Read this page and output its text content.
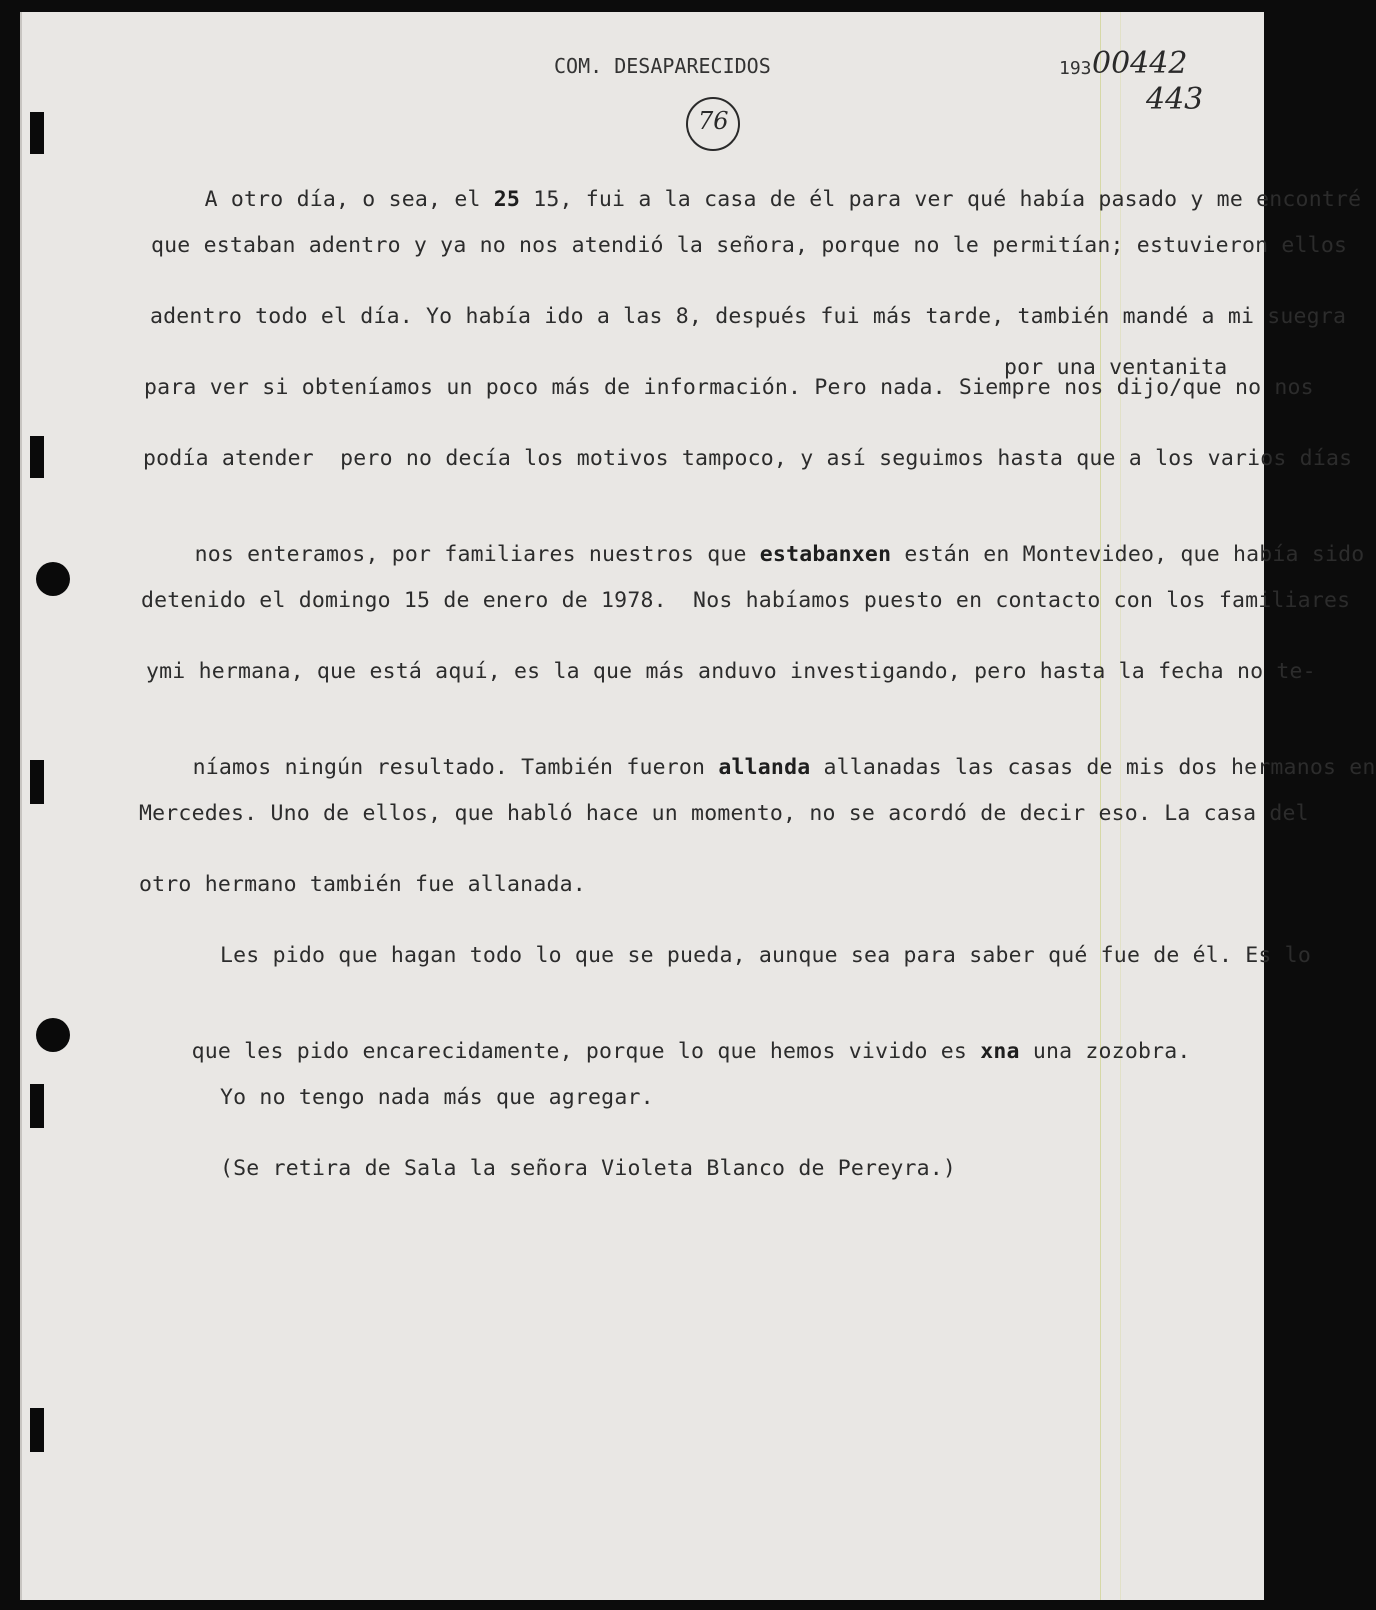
COM. DESAPARECIDOS	193 00442
443
76

A otro día, o sea, el 25 15, fui a la casa de él para ver qué había pasado y me encontré

que estaban adentro y ya no nos atendió la señora, porque no le permitían; estuvieron ellos
adentro todo el día. Yo había ido a las 8, después fui más tarde, también mandé a mi suegra
por una ventanita
para ver si obteníamos un poco más de información. Pero nada. Siempre nos dijo/que no nos
podía atender  pero no decía los motivos tampoco, y así seguimos hasta que a los varios días

nos enteramos, por familiares nuestros que estabanxen están en Montevideo, que había sido

detenido el domingo 15 de enero de 1978.  Nos habíamos puesto en contacto con los familiares
ymi hermana, que está aquí, es la que más anduvo investigando, pero hasta la fecha no te-

níamos ningún resultado. También fueron allanda allanadas las casas de mis dos hermanos en

Mercedes. Uno de ellos, que habló hace un momento, no se acordó de decir eso. La casa del
otro hermano también fue allanada.
Les pido que hagan todo lo que se pueda, aunque sea para saber qué fue de él. Es lo

que les pido encarecidamente, porque lo que hemos vivido es xna una zozobra.

Yo no tengo nada más que agregar.
(Se retira de Sala la señora Violeta Blanco de Pereyra.)
